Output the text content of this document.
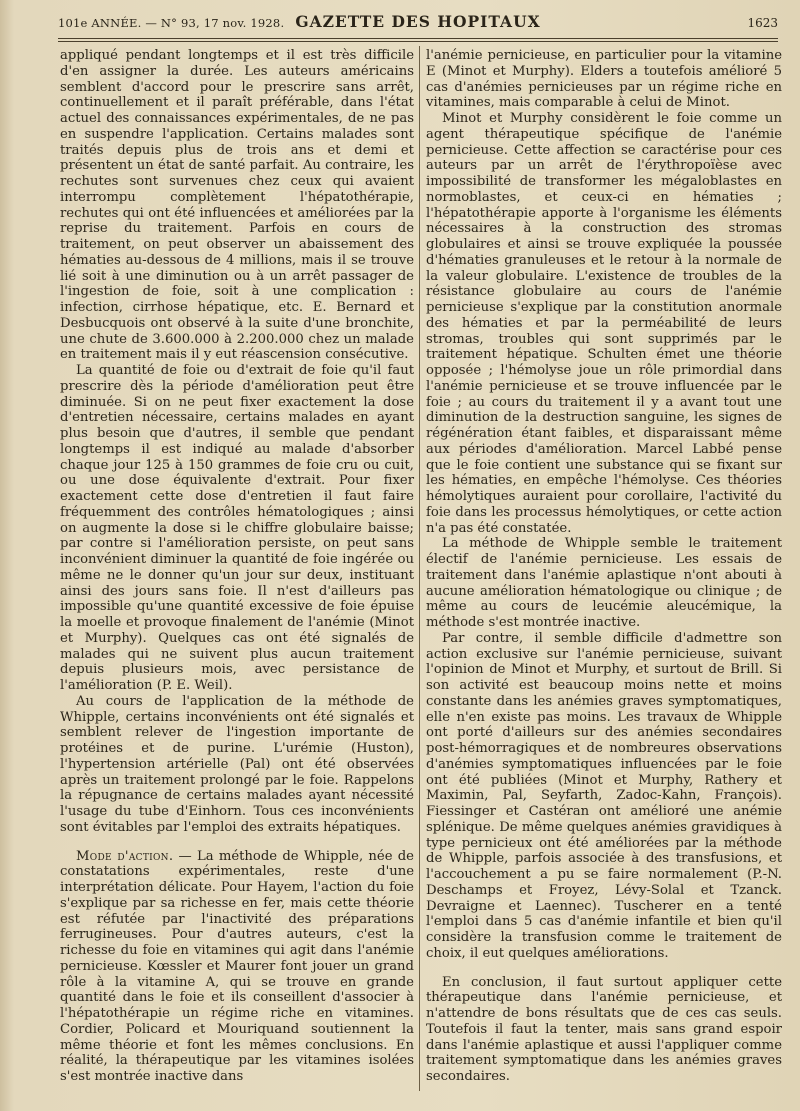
101e ANNÉE. — N° 93, 17 nov. 1928. GAZETTE DES HOPITAUX	1623

appliqué pendant longtemps et il est très difficile d'en assigner la durée. Les auteurs américains semblent d'accord pour le prescrire sans arrêt, continuellement et il paraît préférable, dans l'état actuel des connaissances expérimentales, de ne pas en suspendre l'application. Certains malades sont traités depuis plus de trois ans et demi et présentent un état de santé parfait. Au contraire, les rechutes sont survenues chez ceux qui avaient interrompu complètement l'hépatothérapie, rechutes qui ont été influencées et améliorées par la reprise du traitement. Parfois en cours de traitement, on peut observer un abaissement des hématies au-dessous de 4 millions, mais il se trouve lié soit à une diminution ou à un arrêt passager de l'ingestion de foie, soit à une complication : infection, cirrhose hépatique, etc. E. Bernard et Desbucquois ont observé à la suite d'une bronchite, une chute de 3.600.000 à 2.200.000 chez un malade en traitement mais il y eut réascension consécutive.

La quantité de foie ou d'extrait de foie qu'il faut prescrire dès la période d'amélioration peut être diminuée. Si on ne peut fixer exactement la dose d'entretien nécessaire, certains malades en ayant plus besoin que d'autres, il semble que pendant longtemps il est indiqué au malade d'absorber chaque jour 125 à 150 grammes de foie cru ou cuit, ou une dose équivalente d'extrait. Pour fixer exactement cette dose d'entretien il faut faire fréquemment des contrôles hématologiques ; ainsi on augmente la dose si le chiffre globulaire baisse; par contre si l'amélioration persiste, on peut sans inconvénient diminuer la quantité de foie ingérée ou même ne le donner qu'un jour sur deux, instituant ainsi des jours sans foie. Il n'est d'ailleurs pas impossible qu'une quantité excessive de foie épuise la moelle et provoque finalement de l'anémie (Minot et Murphy). Quelques cas ont été signalés de malades qui ne suivent plus aucun traitement depuis plusieurs mois, avec persistance de l'amélioration (P. E. Weil).

Au cours de l'application de la méthode de Whipple, certains inconvénients ont été signalés et semblent relever de l'ingestion importante de protéines et de purine. L'urémie (Huston), l'hypertension artérielle (Pal) ont été observées après un traitement prolongé par le foie. Rappelons la répugnance de certains malades ayant nécessité l'usage du tube d'Einhorn. Tous ces inconvénients sont évitables par l'emploi des extraits hépatiques.

Mode d'action. — La méthode de Whipple, née de constatations expérimentales, reste d'une interprétation délicate. Pour Hayem, l'action du foie s'explique par sa richesse en fer, mais cette théorie est réfutée par l'inactivité des préparations ferrugineuses. Pour d'autres auteurs, c'est la richesse du foie en vitamines qui agit dans l'anémie pernicieuse. Kœssler et Maurer font jouer un grand rôle à la vitamine A, qui se trouve en grande quantité dans le foie et ils conseillent d'associer à l'hépatothérapie un régime riche en vitamines. Cordier, Policard et Mouriquand soutiennent la même théorie et font les mêmes conclusions. En réalité, la thérapeutique par les vitamines isolées s'est montrée inactive dans

l'anémie pernicieuse, en particulier pour la vitamine E (Minot et Murphy). Elders a toutefois amélioré 5 cas d'anémies pernicieuses par un régime riche en vitamines, mais comparable à celui de Minot.

Minot et Murphy considèrent le foie comme un agent thérapeutique spécifique de l'anémie pernicieuse. Cette affection se caractérise pour ces auteurs par un arrêt de l'érythropoïèse avec impossibilité de transformer les mégaloblastes en normoblastes, et ceux-ci en hématies ; l'hépatothérapie apporte à l'organisme les éléments nécessaires à la construction des stromas globulaires et ainsi se trouve expliquée la poussée d'hématies granuleuses et le retour à la normale de la valeur globulaire. L'existence de troubles de la résistance globulaire au cours de l'anémie pernicieuse s'explique par la constitution anormale des hématies et par la perméabilité de leurs stromas, troubles qui sont supprimés par le traitement hépatique. Schulten émet une théorie opposée ; l'hémolyse joue un rôle primordial dans l'anémie pernicieuse et se trouve influencée par le foie ; au cours du traitement il y a avant tout une diminution de la destruction sanguine, les signes de régénération étant faibles, et disparaissant même aux périodes d'amélioration. Marcel Labbé pense que le foie contient une substance qui se fixant sur les hématies, en empêche l'hémolyse. Ces théories hémolytiques auraient pour corollaire, l'activité du foie dans les processus hémolytiques, or cette action n'a pas été constatée.

La méthode de Whipple semble le traitement électif de l'anémie pernicieuse. Les essais de traitement dans l'anémie aplastique n'ont abouti à aucune amélioration hématologique ou clinique ; de même au cours de leucémie aleucémique, la méthode s'est montrée inactive.

Par contre, il semble difficile d'admettre son action exclusive sur l'anémie pernicieuse, suivant l'opinion de Minot et Murphy, et surtout de Brill. Si son activité est beaucoup moins nette et moins constante dans les anémies graves symptomatiques, elle n'en existe pas moins. Les travaux de Whipple ont porté d'ailleurs sur des anémies secondaires post-hémorragiques et de nombreures observations d'anémies symptomatiques influencées par le foie ont été publiées (Minot et Murphy, Rathery et Maximin, Pal, Seyfarth, Zadoc-Kahn, François). Fiessinger et Castéran ont amélioré une anémie splénique. De même quelques anémies gravidiques à type pernicieux ont été améliorées par la méthode de Whipple, parfois associée à des transfusions, et l'accouchement a pu se faire normalement (P.-N. Deschamps et Froyez, Lévy-Solal et Tzanck. Devraigne et Laennec). Tuscherer en a tenté l'emploi dans 5 cas d'anémie infantile et bien qu'il considère la transfusion comme le traitement de choix, il eut quelques améliorations.

En conclusion, il faut surtout appliquer cette thérapeutique dans l'anémie pernicieuse, et n'attendre de bons résultats que de ces cas seuls. Toutefois il faut la tenter, mais sans grand espoir dans l'anémie aplastique et aussi l'appliquer comme traitement symptomatique dans les anémies graves secondaires.
